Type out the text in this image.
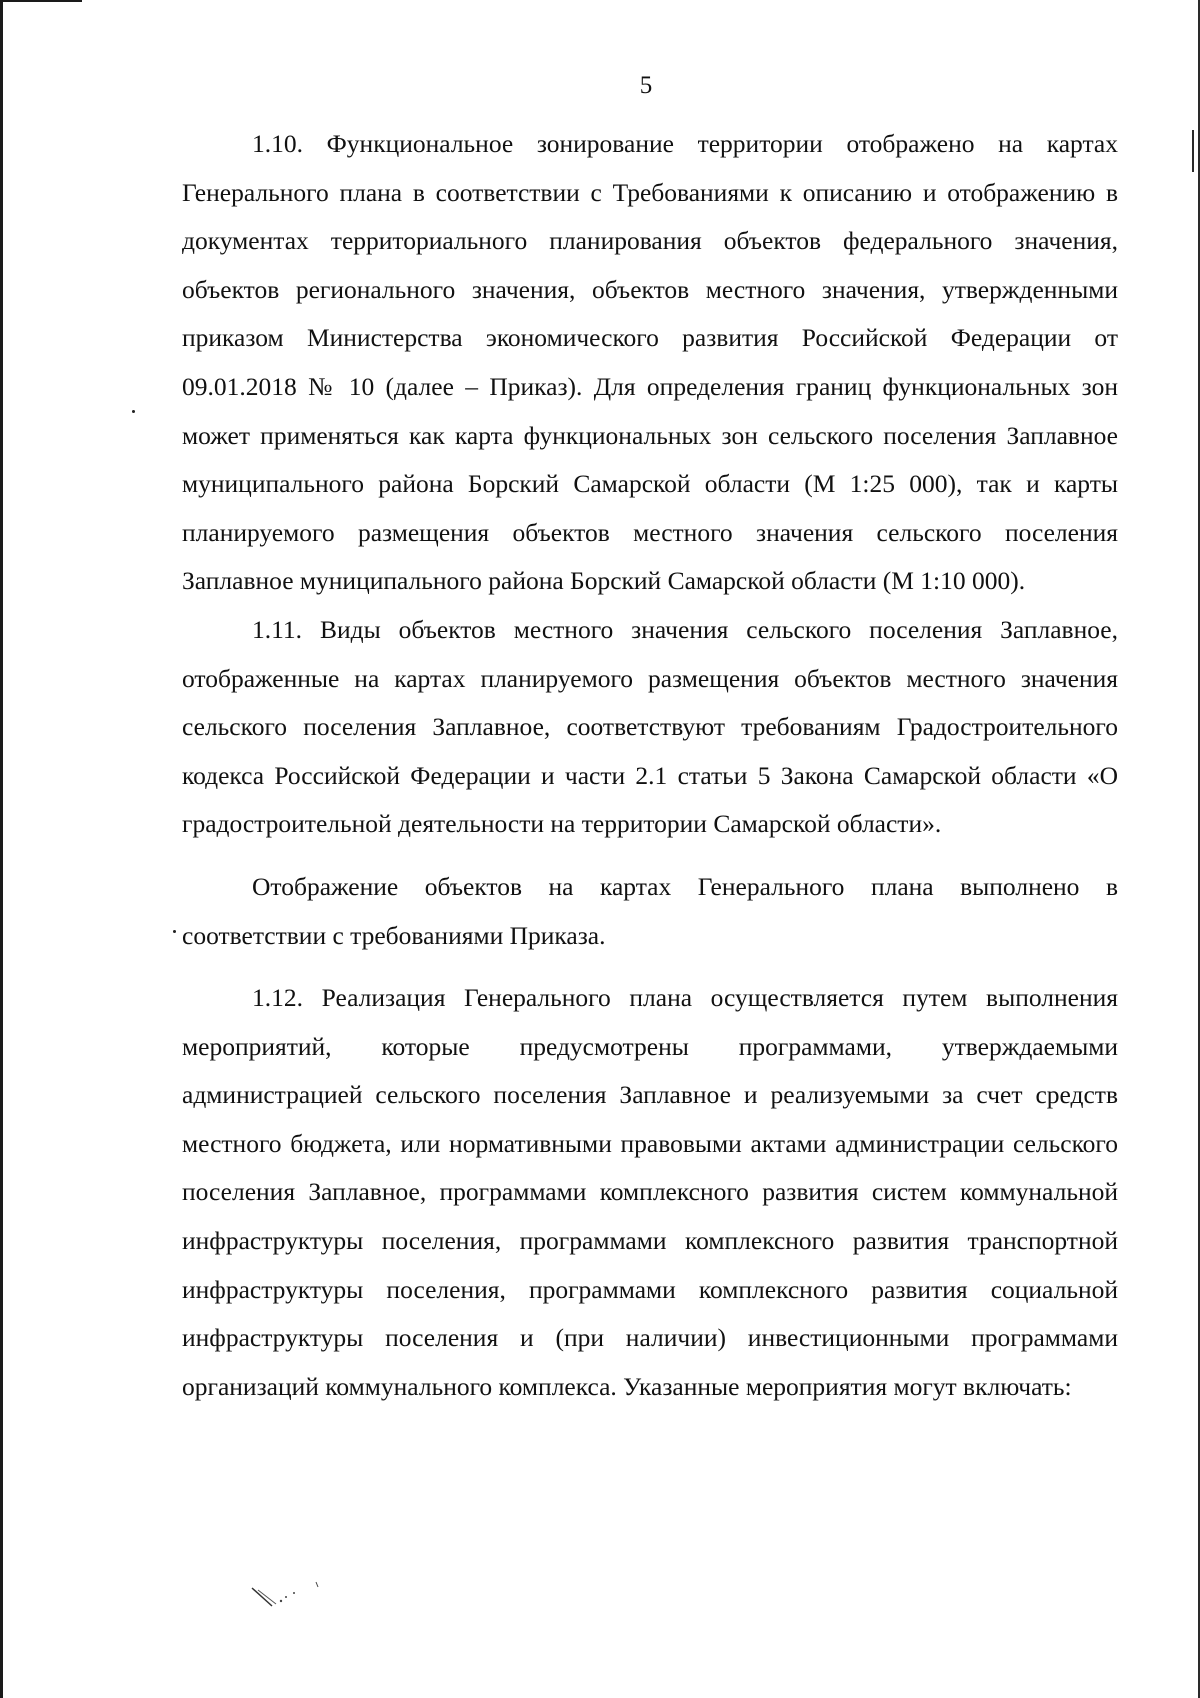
5

1.10. Функциональное зонирование территории отображено на картах Генерального плана в соответствии с Требованиями к описанию и отображению в документах территориального планирования объектов федерального значения, объектов регионального значения, объектов местного значения, утвержденными приказом Министерства экономического развития Российской Федерации от 09.01.2018 № 10 (далее – Приказ). Для определения границ функциональных зон может применяться как карта функциональных зон сельского поселения Заплавное муниципального района Борский Самарской области (М 1:25 000), так и карты планируемого размещения объектов местного значения сельского поселения Заплавное муниципального района Борский Самарской области (М 1:10 000).

1.11. Виды объектов местного значения сельского поселения Заплавное, отображенные на картах планируемого размещения объектов местного значения сельского поселения Заплавное, соответствуют требованиям Градостроительного кодекса Российской Федерации и части 2.1 статьи 5 Закона Самарской области «О градостроительной деятельности на территории Самарской области».

Отображение объектов на картах Генерального плана выполнено в соответствии с требованиями Приказа.

1.12. Реализация Генерального плана осуществляется путем выполнения мероприятий, которые предусмотрены программами, утверждаемыми администрацией сельского поселения Заплавное и реализуемыми за счет средств местного бюджета, или нормативными правовыми актами администрации сельского поселения Заплавное, программами комплексного развития систем коммунальной инфраструктуры поселения, программами комплексного развития транспортной инфраструктуры поселения, программами комплексного развития социальной инфраструктуры поселения и (при наличии) инвестиционными программами организаций коммунального комплекса. Указанные мероприятия могут включать:
